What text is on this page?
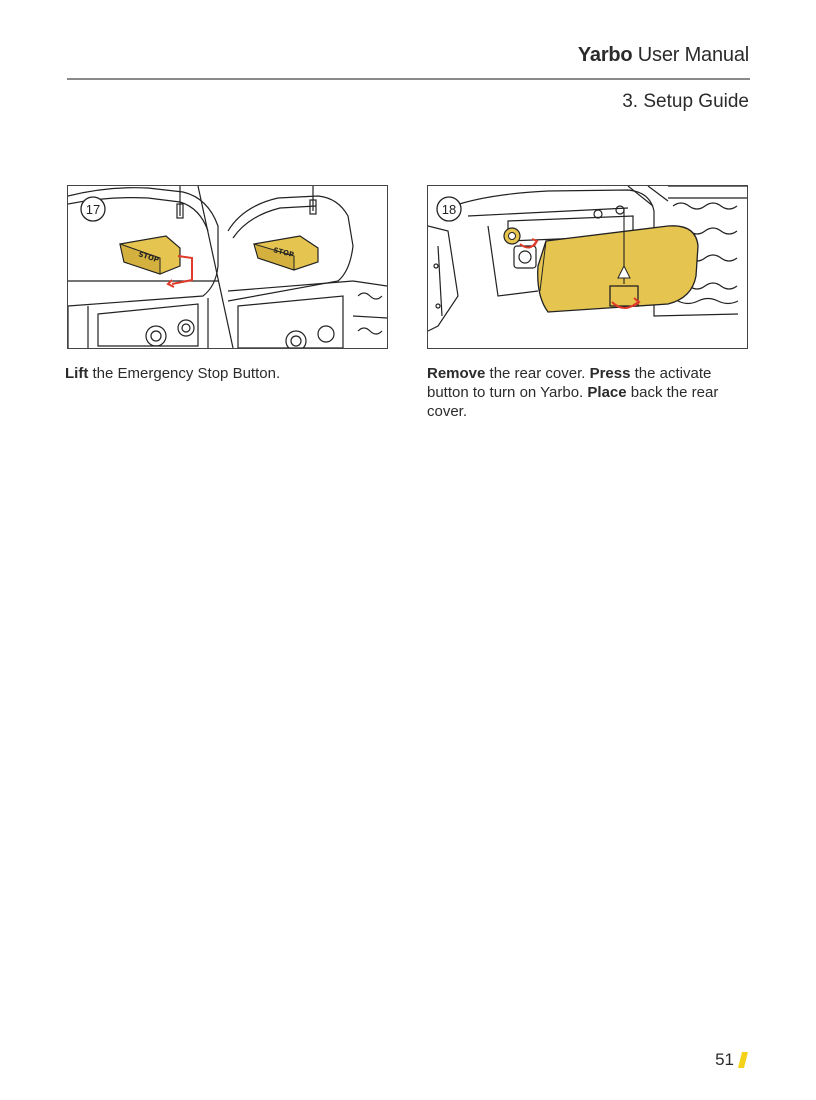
Yarbo User Manual
3. Setup Guide
STOP	STOP
17	18
Lift the Emergency Stop Button.	Remove the rear cover. Press the activate button to turn on Yarbo. Place back the rear cover.
51
